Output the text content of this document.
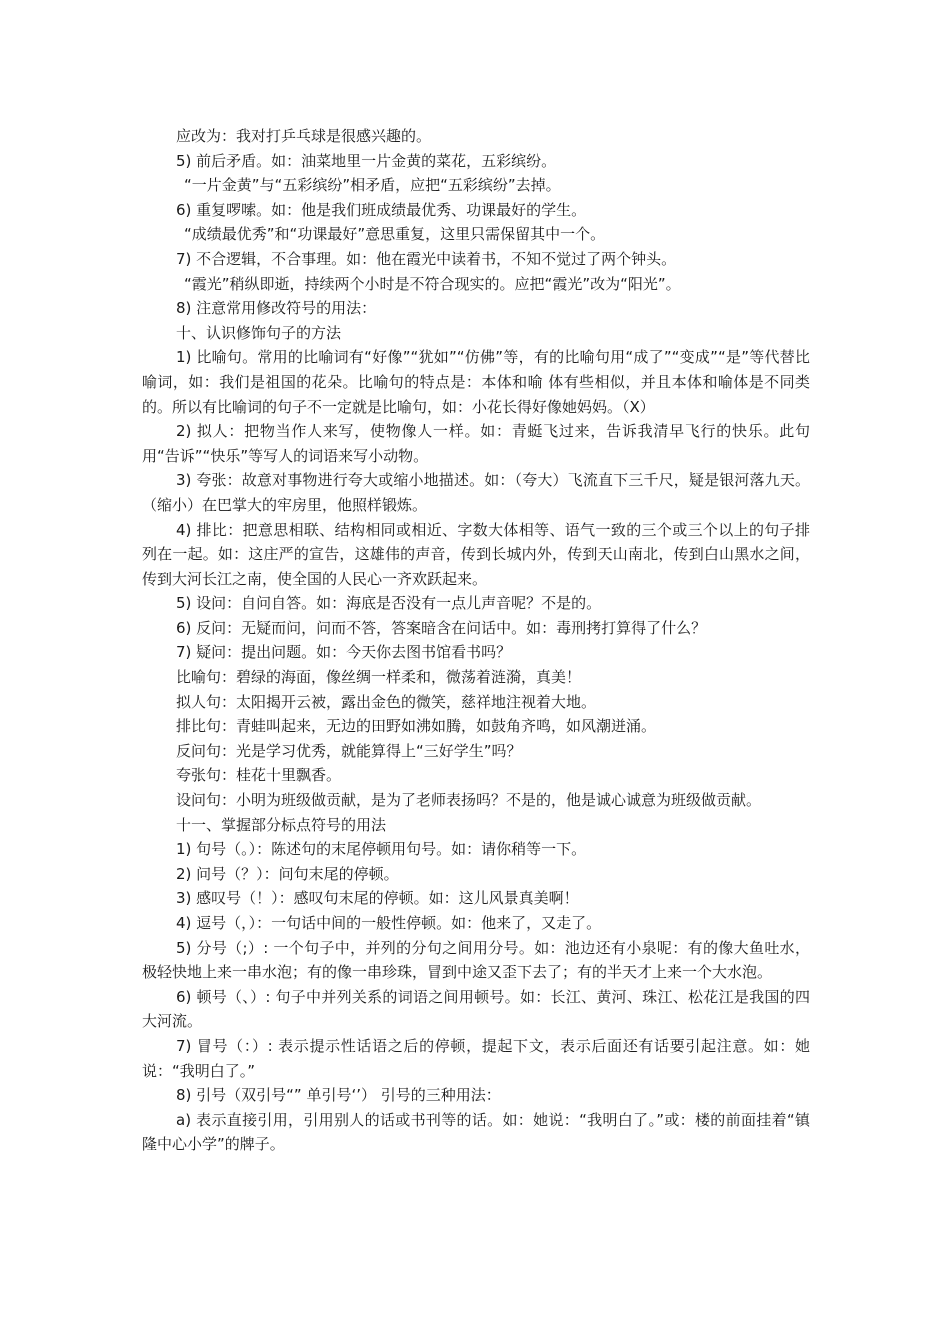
应改为：我对打乒乓球是很感兴趣的。

5) 前后矛盾。如：油菜地里一片金黄的菜花，五彩缤纷。

“一片金黄”与“五彩缤纷”相矛盾，应把“五彩缤纷”去掉。

6) 重复啰嗦。如：他是我们班成绩最优秀、功课最好的学生。

“成绩最优秀”和“功课最好”意思重复，这里只需保留其中一个。

7) 不合逻辑，不合事理。如：他在霞光中读着书，不知不觉过了两个钟头。

“霞光”稍纵即逝，持续两个小时是不符合现实的。应把“霞光”改为“阳光”。

8) 注意常用修改符号的用法：

十、认识修饰句子的方法

1) 比喻句。常用的比喻词有“好像”“犹如”“仿佛”等，有的比喻句用“成了”“变成”“是”等代替比喻词，如：我们是祖国的花朵。比喻句的特点是：本体和喻 体有些相似，并且本体和喻体是不同类的。所以有比喻词的句子不一定就是比喻句，如：小花长得好像她妈妈。（X）

2) 拟人：把物当作人来写，使物像人一样。如：青蜓飞过来，告诉我清早飞行的快乐。此句用“告诉”“快乐”等写人的词语来写小动物。

3) 夸张：故意对事物进行夸大或缩小地描述。如：（夸大）飞流直下三千尺，疑是银河落九天。（缩小）在巴掌大的牢房里，他照样锻炼。

4) 排比：把意思相联、结构相同或相近、字数大体相等、语气一致的三个或三个以上的句子排列在一起。如：这庄严的宣告，这雄伟的声音，传到长城内外，传到天山南北，传到白山黑水之间，传到大河长江之南，使全国的人民心一齐欢跃起来。

5) 设问：自问自答。如：海底是否没有一点儿声音呢？不是的。

6) 反问：无疑而问，问而不答，答案暗含在问话中。如：毒刑拷打算得了什么？

7) 疑问：提出问题。如：今天你去图书馆看书吗？

比喻句：碧绿的海面，像丝绸一样柔和，微荡着涟漪，真美！

拟人句：太阳揭开云被，露出金色的微笑，慈祥地注视着大地。

排比句：青蛙叫起来，无边的田野如沸如腾，如鼓角齐鸣，如风潮迸涌。

反问句：光是学习优秀，就能算得上“三好学生”吗？

夸张句：桂花十里飘香。

设问句：小明为班级做贡献，是为了老师表扬吗？不是的，他是诚心诚意为班级做贡献。

十一、掌握部分标点符号的用法

1) 句号（。）：陈述句的末尾停顿用句号。如：请你稍等一下。

2) 问号（？）：问句末尾的停顿。

3) 感叹号（！）：感叹句末尾的停顿。如：这儿风景真美啊！

4) 逗号（，）：一句话中间的一般性停顿。如：他来了，又走了。

5) 分号（;）: 一个句子中，并列的分句之间用分号。如：池边还有小泉呢：有的像大鱼吐水，极轻快地上来一串水泡；有的像一串珍珠，冒到中途又歪下去了；有的半天才上来一个大水泡。

6) 顿号（、）: 句子中并列关系的词语之间用顿号。如：长江、黄河、珠江、松花江是我国的四大河流。

7) 冒号（：）: 表示提示性话语之后的停顿，提起下文，表示后面还有话要引起注意。如：她说：“我明白了。”

8) 引号（双引号“” 单引号‘’） 引号的三种用法：

a) 表示直接引用，引用别人的话或书刊等的话。如：她说：“我明白了。”或：楼的前面挂着“镇隆中心小学”的牌子。
